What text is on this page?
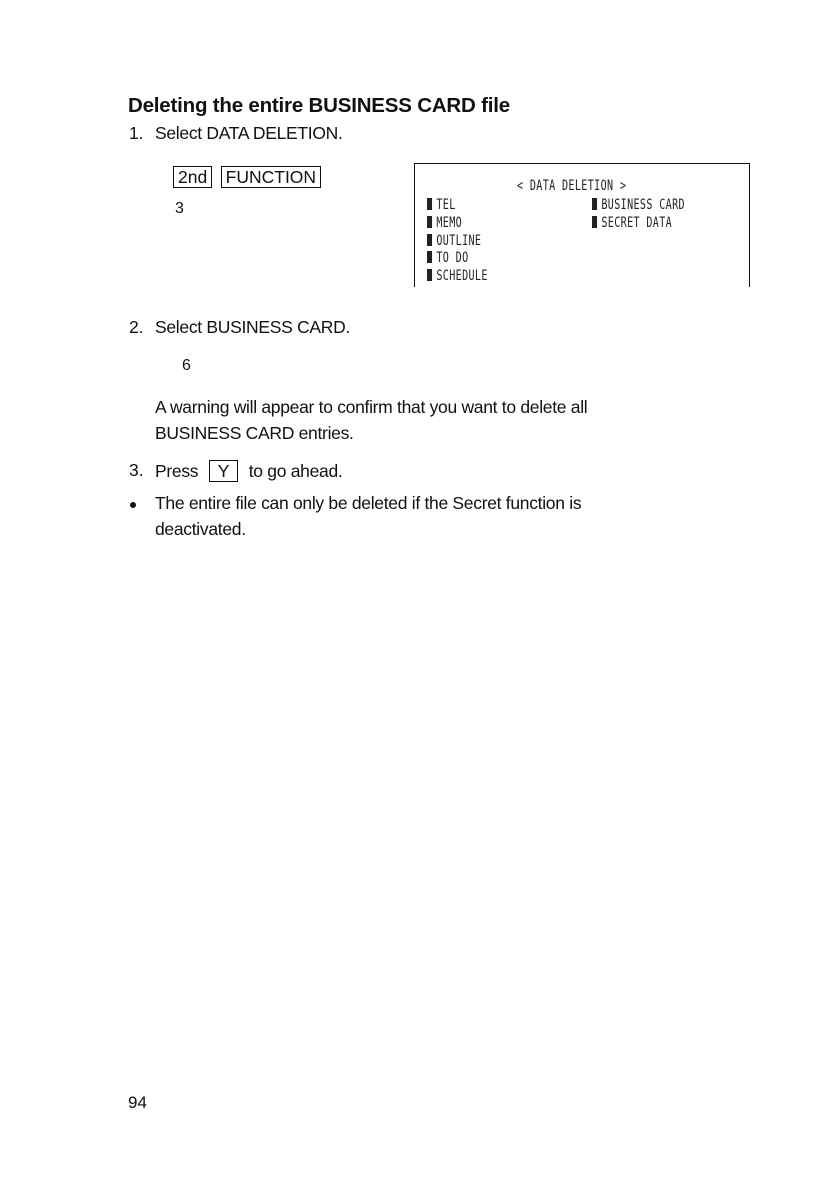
Deleting the entire BUSINESS CARD file
1. Select DATA DELETION.
2nd FUNCTION
3
< DATA DELETION >
TEL
MEMO
OUTLINE
TO DO
SCHEDULE
BUSINESS CARD
SECRET DATA
2. Select BUSINESS CARD.
6
A warning will appear to confirm that you want to delete all
BUSINESS CARD entries.
3. Press Y to go ahead.
The entire file can only be deleted if the Secret function is
deactivated.
94
